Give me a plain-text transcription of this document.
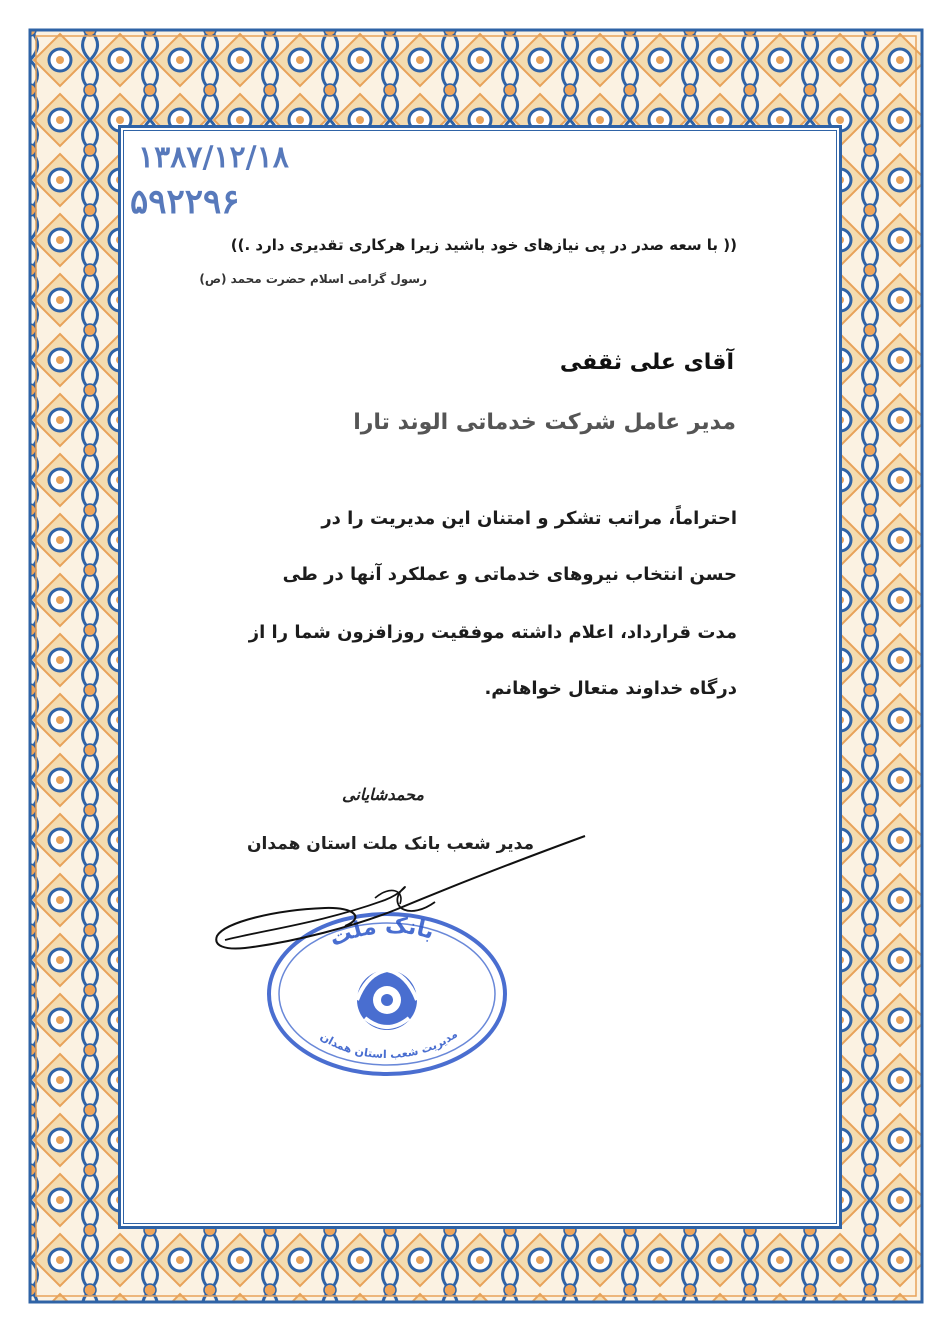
۱۳۸۷/۱۲/۱۸
۵۹۲۲۹۶
(( با سعه صدر در پی نیازهای خود باشید زیرا هرکاری تقدیری دارد .))
رسول گرامی اسلام حضرت محمد (ص)
آقای علی ثقفی
مدیر عامل شرکت خدماتی الوند تارا
احتراماً، مراتب تشکر و امتنان این مدیریت را در
حسن انتخاب نیروهای خدماتی و عملکرد آنها در طی
مدت قرارداد، اعلام داشته موفقیت روزافزون شما را از
درگاه خداوند متعال خواهانم.
محمدشایانی
مدیر شعب بانک ملت استان همدان
بانک ملت
مدیریت شعب استان همدان
